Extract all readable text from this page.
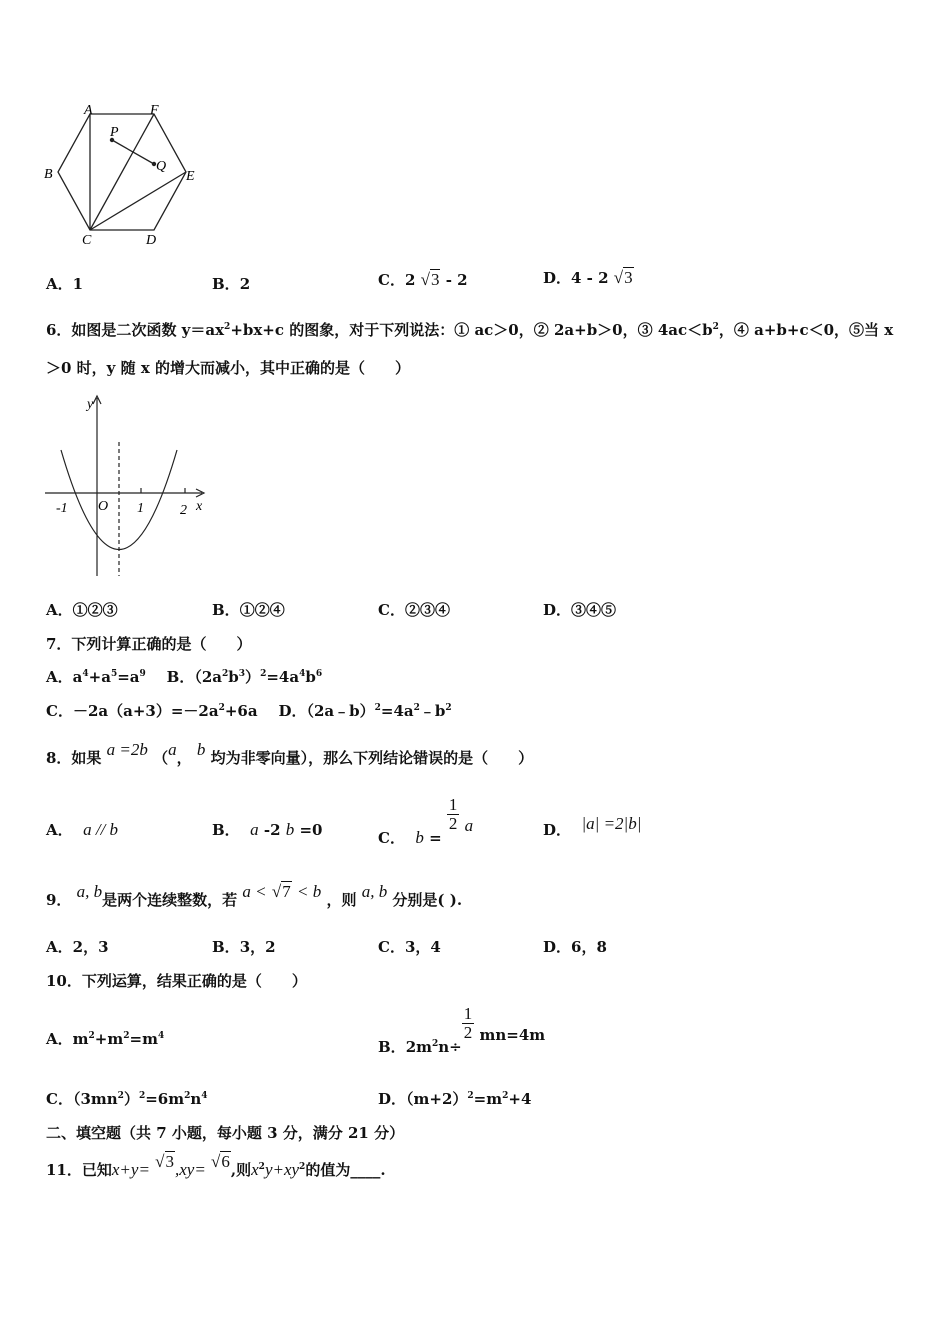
A	F
B	E
C	D
P
Q
A．1	B．2	C．2 √3 - 2	D．4 - 2 √3
6．如图是二次函数 $y=ax^2+bx+c$ 的图象，对于下列说法：① ac＞0，② 2a+b＞0，③ $4ac<b^2$，④ a+b+c＜0，⑤当 x
＞0 时，y 随 x 的增大而减小，其中正确的是（　　）
y
x
O
-1	1	2
A．①②③	B．①②④	C．②③④	D．③④⑤
7．下列计算正确的是（　　）
A．$a^4+a^5=a^9$ B．$(2a^2b^3)^2=4a^4b^6$
C．$-2a(a+3)=-2a^2+6a$ D．$(2a﹣b)^2=4a^2﹣b^2$
8．如果 a =2b （a， b 均为非零向量），那么下列结论错误的是（　　）
A． a // b	B． a -2 b =0	C． b =
$\frac{1}{2}$ a	D． |a| =2|b|
9． a, b是两个连续整数，若 a < √7 < b ，则 a, b 分别是( ).
A．2，3	B．3，2	C．3，4	D．6，8
10．下列运算，结果正确的是（　　）
A．$m^2+m^2=m^4$
B．$2m^2n\div$
$\frac{1}{2} mn=4m$
C．$(3mn^2)^2=6m^2n^4$	D．$(m+2)^2=m^2+4$
二、填空题（共 7 小题，每小题 3 分，满分 21 分）
11．已知x+y= √3,xy= √6,则$x^2y+xy^2$的值为____.
